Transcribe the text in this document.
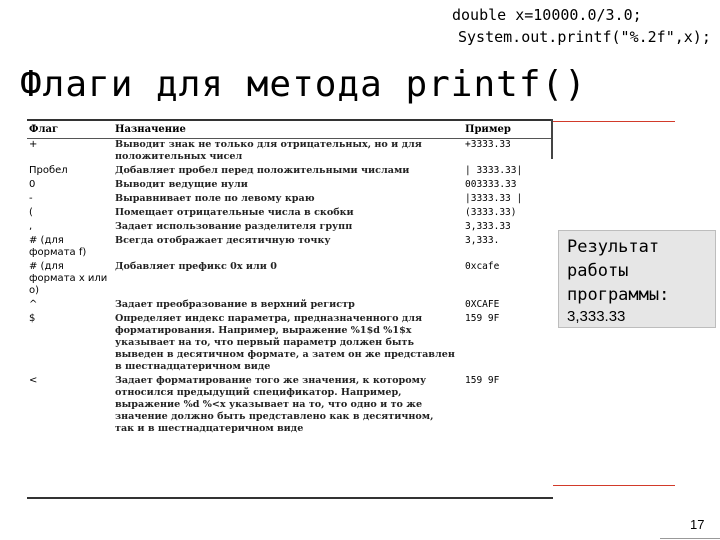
double x=10000.0/3.0;
System.out.printf("%.2f",x);
Флаги для метода printf()
Флаг	Назначение	Пример
+	Выводит знак не только для отрицательных, но и для положительных чисел	+3333.33
Пробел	Добавляет пробел перед положительными числами	| 3333.33|
0	Выводит ведущие нули	003333.33
-	Выравнивает поле по левому краю	|3333.33 |
(	Помещает отрицательные числа в скобки	(3333.33)
,	Задает использование разделителя групп	3,333.33
# (для формата f)	Всегда отображает десятичную точку	3,333.
# (для формата x или o)	Добавляет префикс 0x или 0	0xcafe
^	Задает преобразование в верхний регистр	0XCAFE
$	Определяет индекс параметра, предназначенного для форматирования. Например, выражение %1$d %1$x указывает на то, что первый параметр должен быть выведен в десятичном формате, а затем он же представлен в шестнадцатеричном виде	159 9F
<	Задает форматирование того же значения, к которому относился предыдущий спецификатор. Например, выражение %d %<x указывает на то, что одно и то же значение должно быть представлено как в десятичном, так и в шестнадцатеричном виде	159 9F
Результат
работы
программы:
3,333.33
17
